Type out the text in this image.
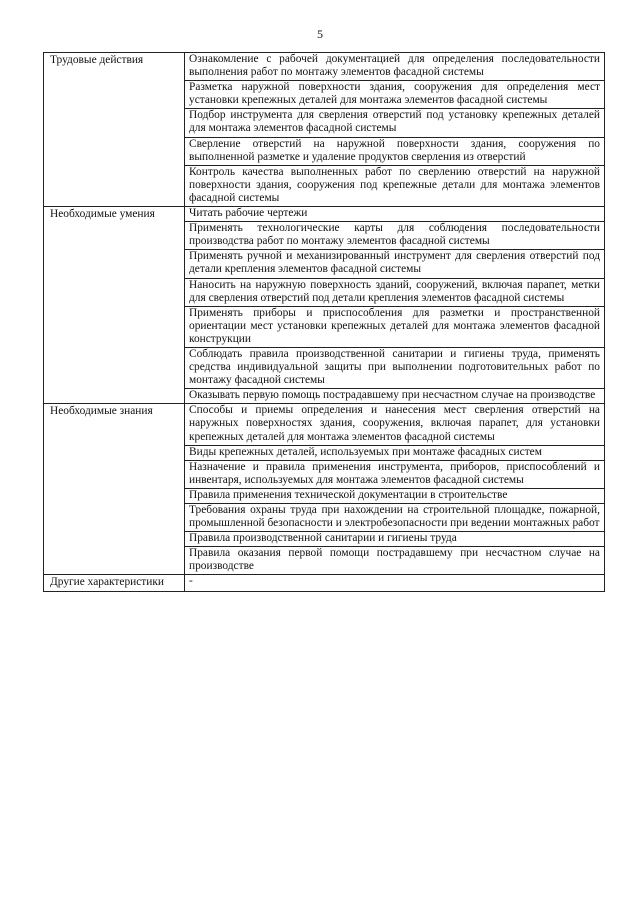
5
Трудовые действия	Ознакомление с рабочей документацией для определения последовательности выполнения работ по монтажу элементов фасадной системы
	Разметка наружной поверхности здания, сооружения для определения мест установки крепежных деталей для монтажа элементов фасадной системы
	Подбор инструмента для сверления отверстий под установку крепежных деталей для монтажа элементов фасадной системы
	Сверление отверстий на наружной поверхности здания, сооружения по выполненной разметке и удаление продуктов сверления из отверстий
	Контроль качества выполненных работ по сверлению отверстий на наружной поверхности здания, сооружения под крепежные детали для монтажа элементов фасадной системы
Необходимые умения	Читать рабочие чертежи
	Применять технологические карты для соблюдения последовательности производства работ по монтажу элементов фасадной системы
	Применять ручной и механизированный инструмент для сверления отверстий под детали крепления элементов фасадной системы
	Наносить на наружную поверхность зданий, сооружений, включая парапет, метки для сверления отверстий под детали крепления элементов фасадной системы
	Применять приборы и приспособления для разметки и пространственной ориентации мест установки крепежных деталей для монтажа элементов фасадной конструкции
	Соблюдать правила производственной санитарии и гигиены труда, применять средства индивидуальной защиты при выполнении подготовительных работ по монтажу фасадной системы
	Оказывать первую помощь пострадавшему при несчастном случае на производстве
Необходимые знания	Способы и приемы определения и нанесения мест сверления отверстий на наружных поверхностях здания, сооружения, включая парапет, для установки крепежных деталей для монтажа элементов фасадной системы
	Виды крепежных деталей, используемых при монтаже фасадных систем
	Назначение и правила применения инструмента, приборов, приспособлений и инвентаря, используемых для монтажа элементов фасадной системы
	Правила применения технической документации в строительстве
	Требования охраны труда при нахождении на строительной площадке, пожарной, промышленной безопасности и электробезопасности при ведении монтажных работ
	Правила производственной санитарии и гигиены труда
	Правила оказания первой помощи пострадавшему при несчастном случае на производстве
Другие характеристики	-
